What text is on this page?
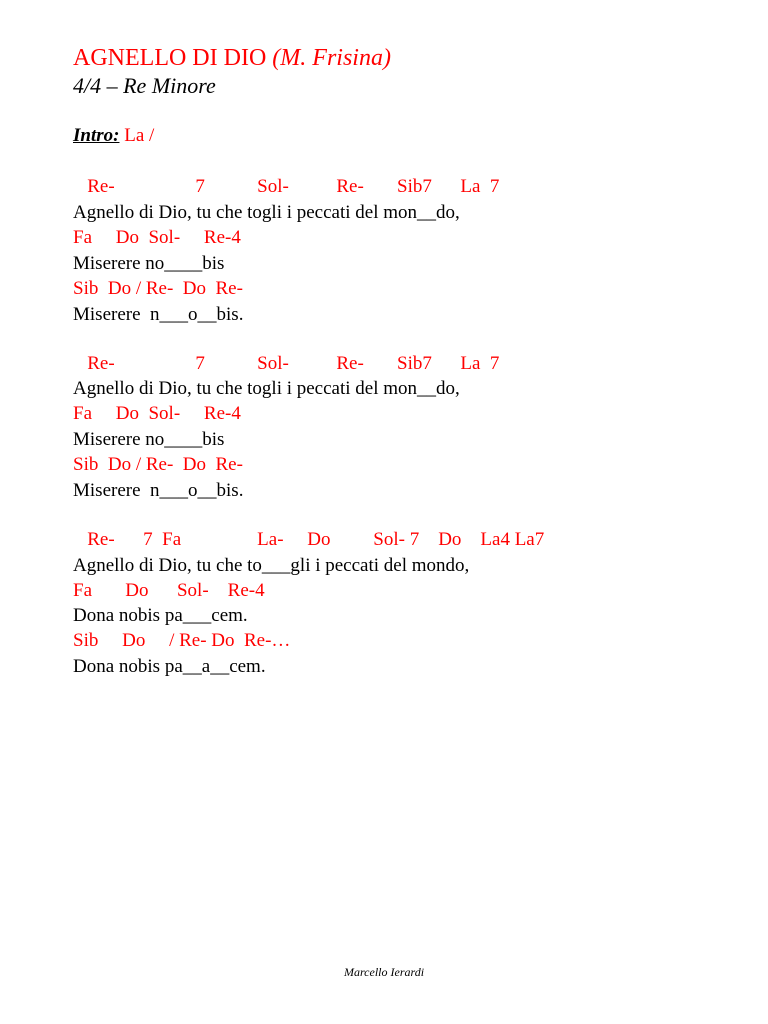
AGNELLO DI DIO (M. Frisina)
4/4 – Re Minore
Intro: La /
Re-                 7           Sol-          Re-       Sib7      La  7
Agnello di Dio, tu che togli i peccati del mon__do,
Fa     Do  Sol-     Re-4
Miserere no____bis
Sib  Do / Re-  Do  Re-
Miserere  n___o__bis.
Re-                 7           Sol-          Re-       Sib7      La  7
Agnello di Dio, tu che togli i peccati del mon__do,
Fa     Do  Sol-     Re-4
Miserere no____bis
Sib  Do / Re-  Do  Re-
Miserere  n___o__bis.
Re-      7  Fa                La-     Do         Sol- 7    Do    La4 La7
Agnello di Dio, tu che to___gli i peccati del mondo,
Fa       Do      Sol-    Re-4
Dona nobis pa___cem.
Sib     Do     / Re- Do  Re-…
Dona nobis pa__a__cem.
Marcello Ierardi
